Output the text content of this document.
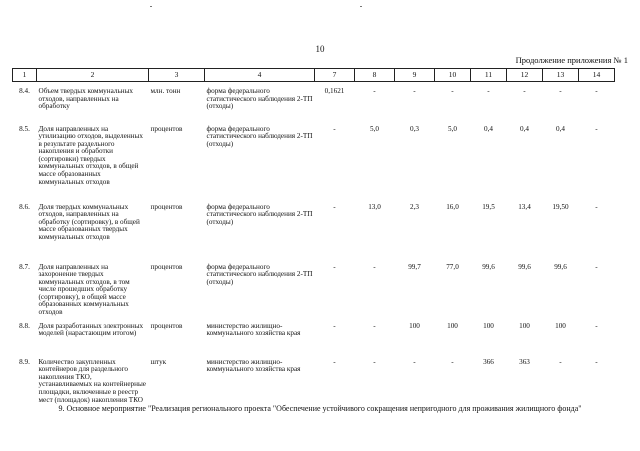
10
Продолжение приложения № 1
1	2	3	4	7	8	9	10	11	12	13	14
8.4.	Объем твердых коммунальных отходов, направленных на обработку	млн. тонн	форма федерального статистического наблюдения 2-ТП (отходы)	0,1621	-	-	-	-	-	-	-
8.5.	Доля направленных на утилизацию отходов, выделенных в результате раздельного накопления и обработки (сортировки) твердых коммунальных отходов, в общей массе образованных коммунальных отходов	процентов	форма федерального статистического наблюдения 2-ТП (отходы)	-	5,0	0,3	5,0	0,4	0,4	0,4	-
8.6.	Доля твердых коммунальных отходов, направленных на обработку (сортировку), в общей массе образованных твердых коммунальных отходов	процентов	форма федерального статистического наблюдения 2-ТП (отходы)	-	13,0	2,3	16,0	19,5	13,4	19,50	-
8.7.	Доля направленных на захоронение твердых коммунальных отходов, в том числе прошедших обработку (сортировку), в общей массе образованных коммунальных отходов	процентов	форма федерального статистического наблюдения 2-ТП (отходы)	-	-	99,7	77,0	99,6	99,6	99,6	-
8.8.	Доля разработанных электронных моделей (нарастающим итогом)	процентов	министерство жилищно-коммунального хозяйства края	-	-	100	100	100	100	100	-
8.9.	Количество закупленных контейнеров для раздельного накопления ТКО, устанавливаемых на контейнерные площадки, включенные в реестр мест (площадок) накопления ТКО	штук	министерство жилищно-коммунального хозяйства края	-	-	-	-	366	363	-	-
9. Основное мероприятие "Реализация регионального проекта "Обеспечение устойчивого сокращения непригодного для проживания жилищного фонда"
